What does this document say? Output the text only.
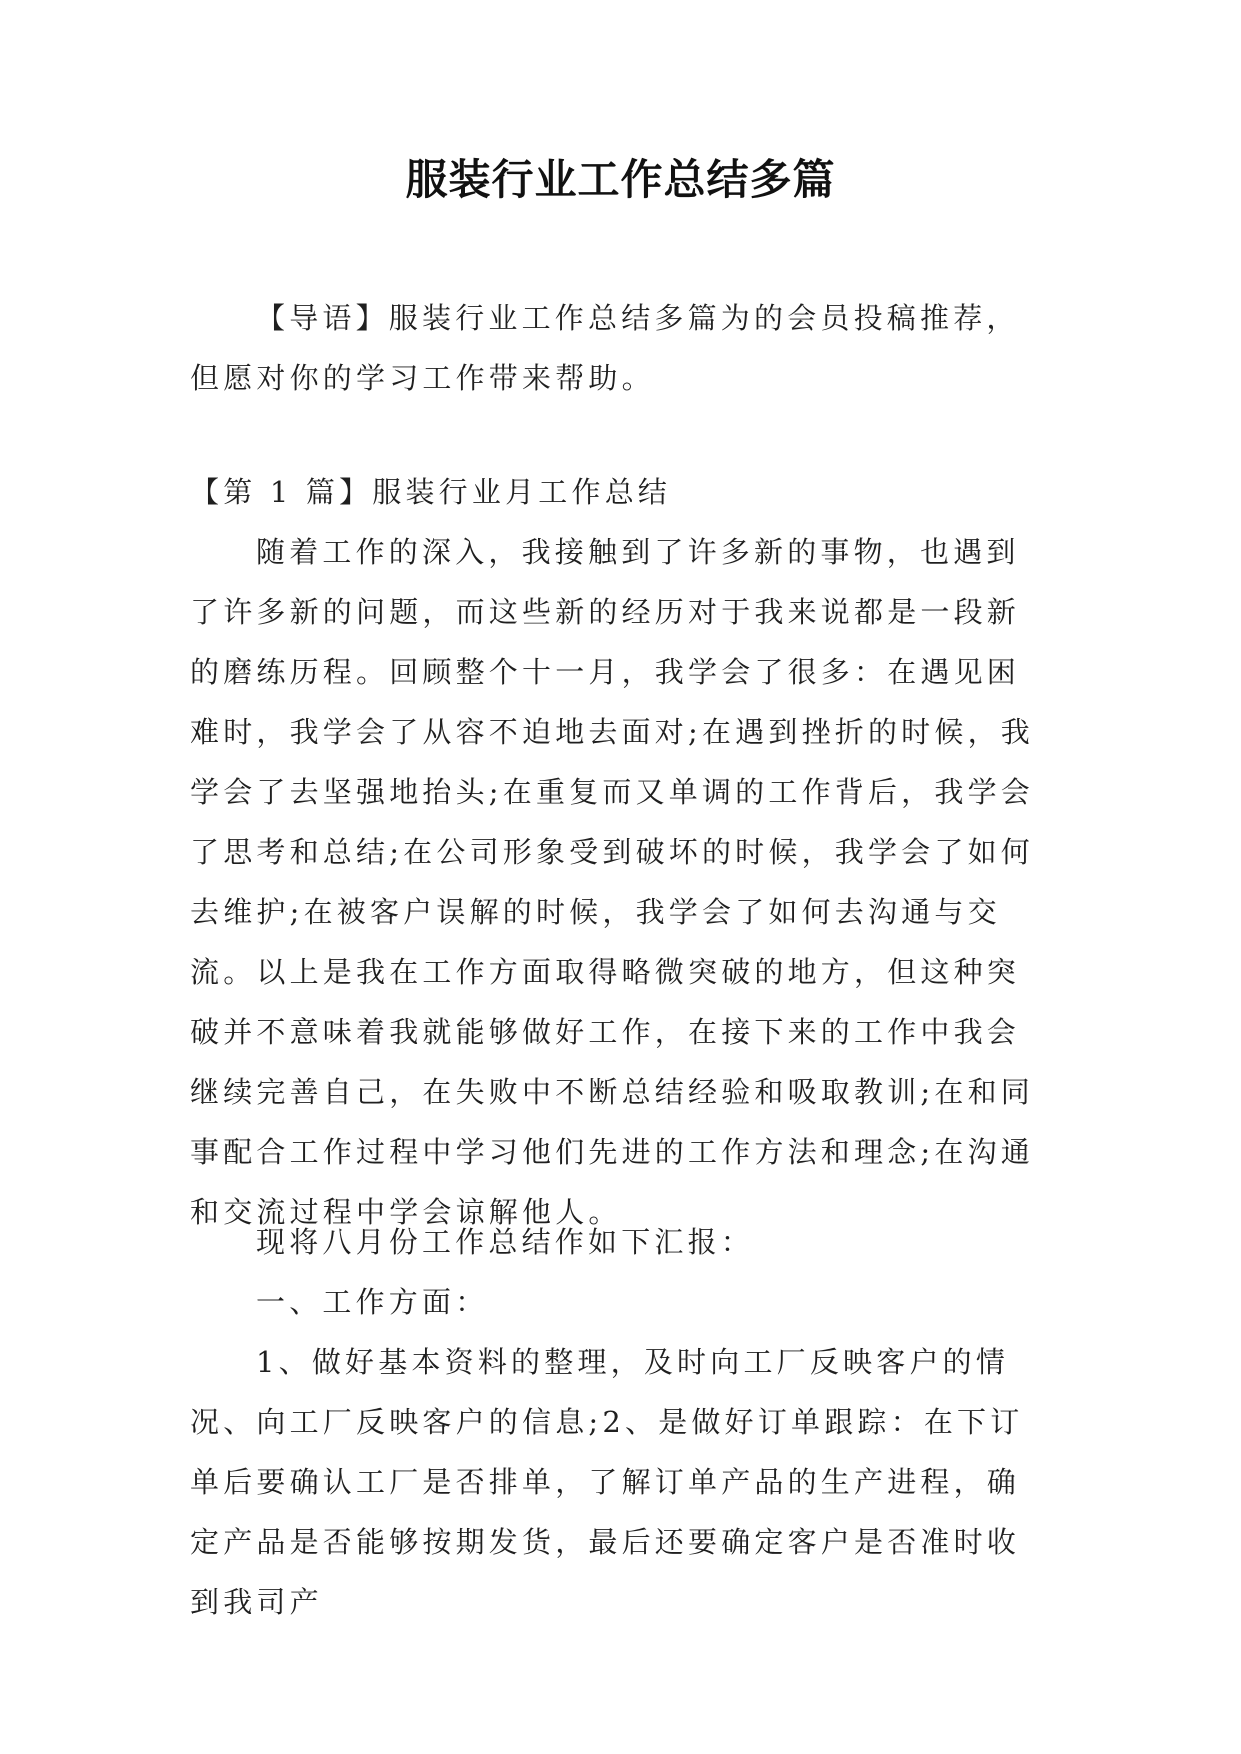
服装行业工作总结多篇

【导语】服装行业工作总结多篇为的会员投稿推荐，但愿对你的学习工作带来帮助。

【第 1 篇】服装行业月工作总结

随着工作的深入，我接触到了许多新的事物，也遇到了许多新的问题，而这些新的经历对于我来说都是一段新的磨练历程。回顾整个十一月，我学会了很多：在遇见困难时，我学会了从容不迫地去面对;在遇到挫折的时候，我学会了去坚强地抬头;在重复而又单调的工作背后，我学会了思考和总结;在公司形象受到破坏的时候，我学会了如何去维护;在被客户误解的时候，我学会了如何去沟通与交流。以上是我在工作方面取得略微突破的地方，但这种突破并不意味着我就能够做好工作，在接下来的工作中我会继续完善自己，在失败中不断总结经验和吸取教训;在和同事配合工作过程中学习他们先进的工作方法和理念;在沟通和交流过程中学会谅解他人。

现将八月份工作总结作如下汇报：

一、工作方面：

1、做好基本资料的整理，及时向工厂反映客户的情况、向工厂反映客户的信息;2、是做好订单跟踪：在下订单后要确认工厂是否排单，了解订单产品的生产进程，确定产品是否能够按期发货，最后还要确定客户是否准时收到我司产
